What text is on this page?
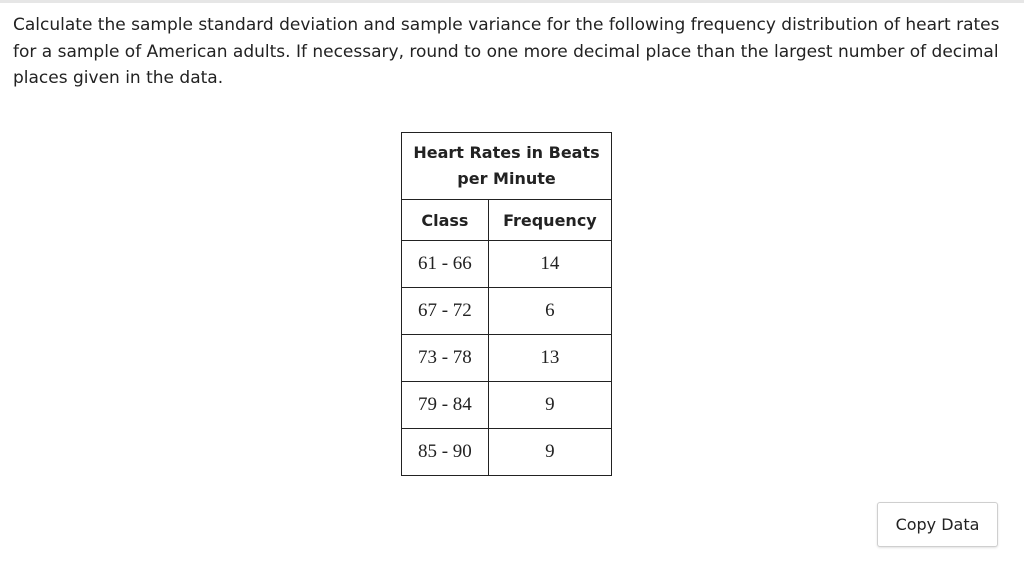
Calculate the sample standard deviation and sample variance for the following frequency distribution of heart rates for a sample of American adults. If necessary, round to one more decimal place than the largest number of decimal places given in the data.

Heart Rates in Beats per Minute	
Class	Frequency
61 - 66	14
67 - 72	6
73 - 78	13
79 - 84	9
85 - 90	9
Copy Data
